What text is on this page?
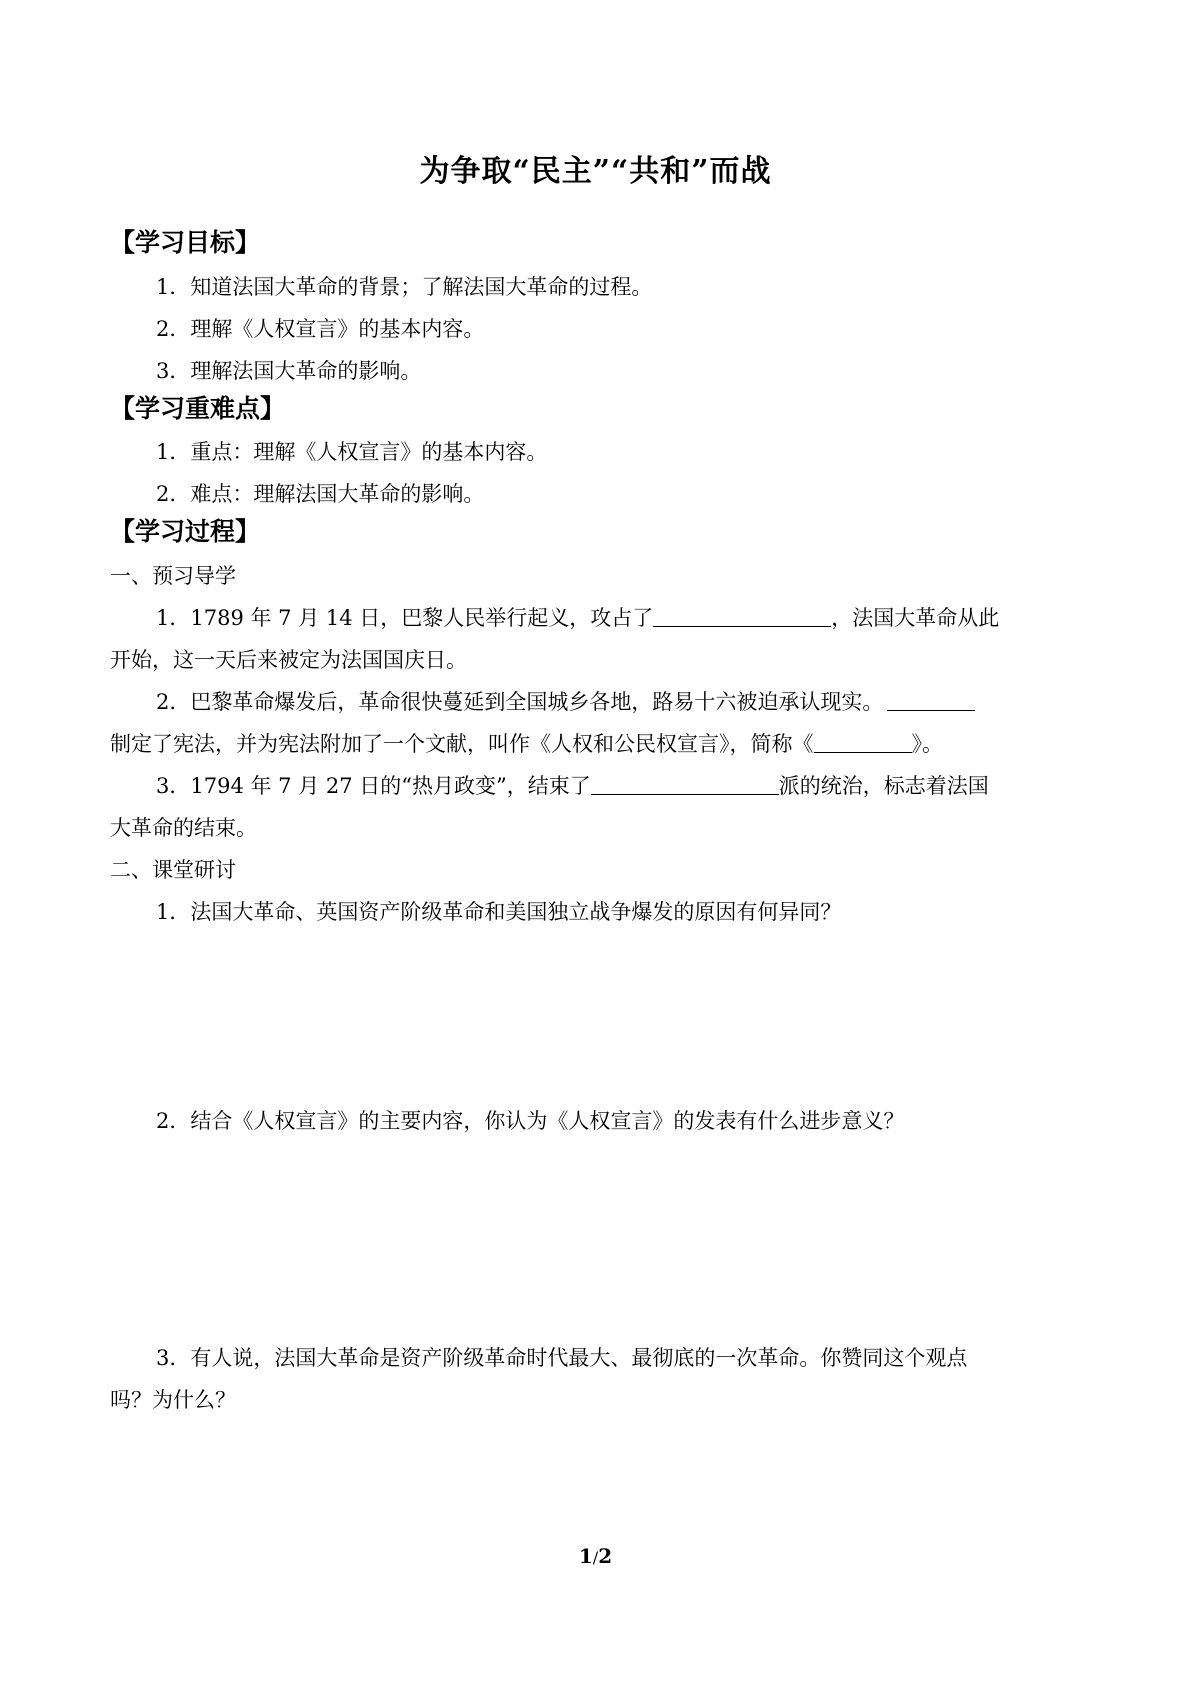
为争取“民主”“共和”而战
【学习目标】
1．知道法国大革命的背景；了解法国大革命的过程。
2．理解《人权宣言》的基本内容。
3．理解法国大革命的影响。
【学习重难点】
1．重点：理解《人权宣言》的基本内容。
2．难点：理解法国大革命的影响。
【学习过程】
一、预习导学
1．1789 年 7 月 14 日，巴黎人民举行起义，攻占了	，法国大革命从此
开始，这一天后来被定为法国国庆日。
2．巴黎革命爆发后，革命很快蔓延到全国城乡各地，路易十六被迫承认现实。
制定了宪法，并为宪法附加了一个文献，叫作《人权和公民权宣言》，简称《	》。
3．1794 年 7 月 27 日的“热月政变”，结束了	派的统治，标志着法国
大革命的结束。
二、课堂研讨
1．法国大革命、英国资产阶级革命和美国独立战争爆发的原因有何异同？
2．结合《人权宣言》的主要内容，你认为《人权宣言》的发表有什么进步意义？
3．有人说，法国大革命是资产阶级革命时代最大、最彻底的一次革命。你赞同这个观点
吗？为什么？
1/2
